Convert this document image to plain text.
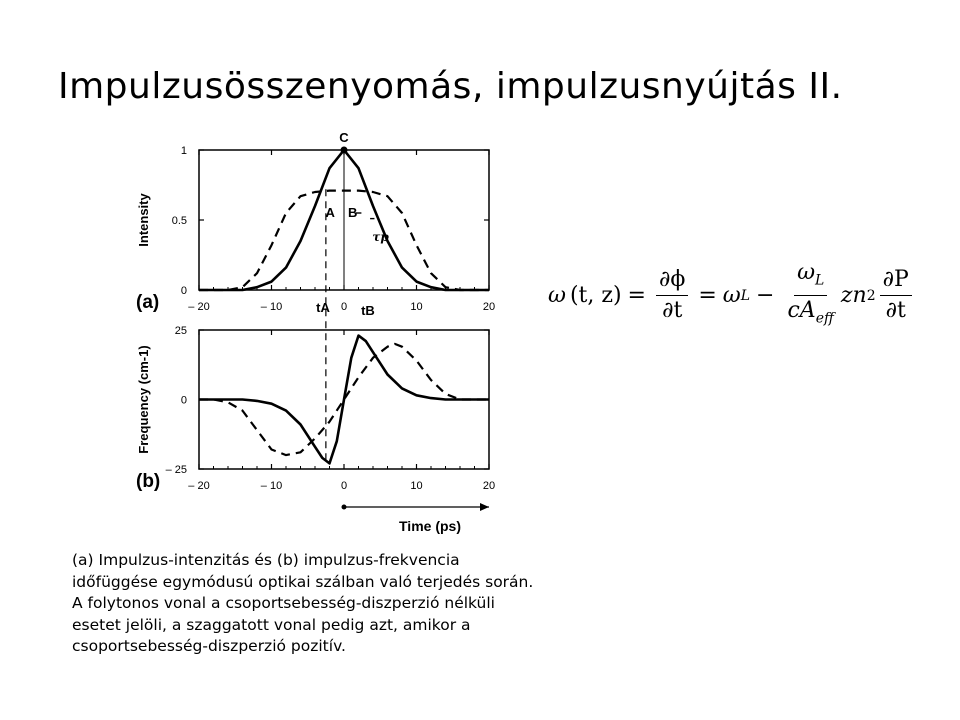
Impulzusösszenyomás, impulzusnyújtás II.
– 20	– 10	0	10	20
0
0.5
1
Intensity
(a)
C
A B
τp
tA tB
– 20	– 10	0	10	20
– 25
0
25
Frequency (cm-1)
(b)
Time (ps)
ω (t, $z) = \frac{\partial\phi}{\partial t} = \omega$ $L - \frac{\omega_L}{cA_{eff}}$ zn $2 \frac{\partial P}{\partial t}$

(a) Impulzus-intenzitás és (b) impulzus-frekvencia időfüggése egymódusú optikai szálban való terjedés során. A folytonos vonal a csoportsebesség-diszperzió nélküli esetet jelöli, a szaggatott vonal pedig azt, amikor a csoportsebesség-diszperzió pozitív.
